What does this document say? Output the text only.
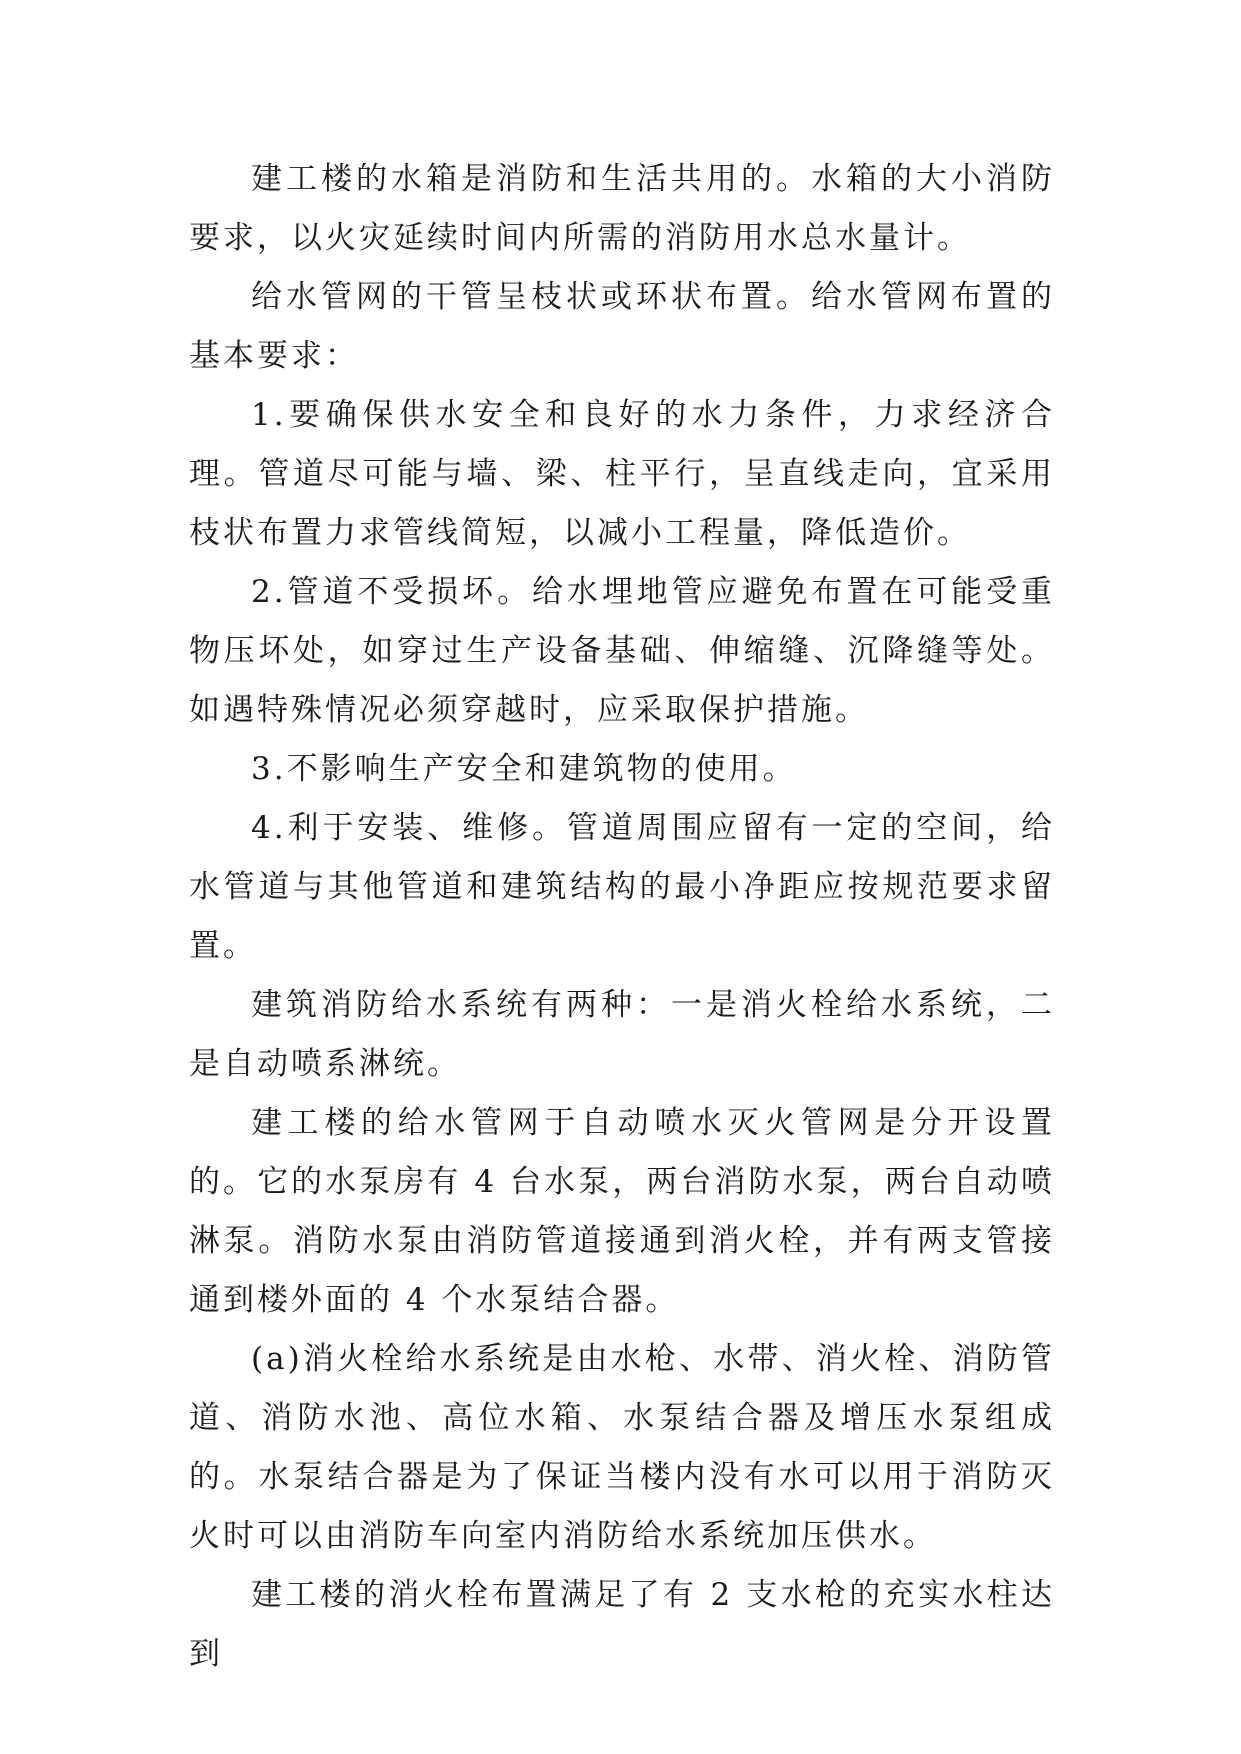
建工楼的水箱是消防和生活共用的。水箱的大小消防要求，以火灾延续时间内所需的消防用水总水量计。

给水管网的干管呈枝状或环状布置。给水管网布置的基本要求：

1.要确保供水安全和良好的水力条件，力求经济合理。管道尽可能与墙、梁、柱平行，呈直线走向，宜采用枝状布置力求管线简短，以减小工程量，降低造价。

2.管道不受损坏。给水埋地管应避免布置在可能受重物压坏处，如穿过生产设备基础、伸缩缝、沉降缝等处。如遇特殊情况必须穿越时，应采取保护措施。

3.不影响生产安全和建筑物的使用。

4.利于安装、维修。管道周围应留有一定的空间，给水管道与其他管道和建筑结构的最小净距应按规范要求留置。

建筑消防给水系统有两种：一是消火栓给水系统，二是自动喷系淋统。

建工楼的给水管网于自动喷水灭火管网是分开设置的。它的水泵房有 4 台水泵，两台消防水泵，两台自动喷淋泵。消防水泵由消防管道接通到消火栓，并有两支管接通到楼外面的 4 个水泵结合器。

(a)消火栓给水系统是由水枪、水带、消火栓、消防管道、消防水池、高位水箱、水泵结合器及增压水泵组成的。水泵结合器是为了保证当楼内没有水可以用于消防灭火时可以由消防车向室内消防给水系统加压供水。

建工楼的消火栓布置满足了有 2 支水枪的充实水柱达到
